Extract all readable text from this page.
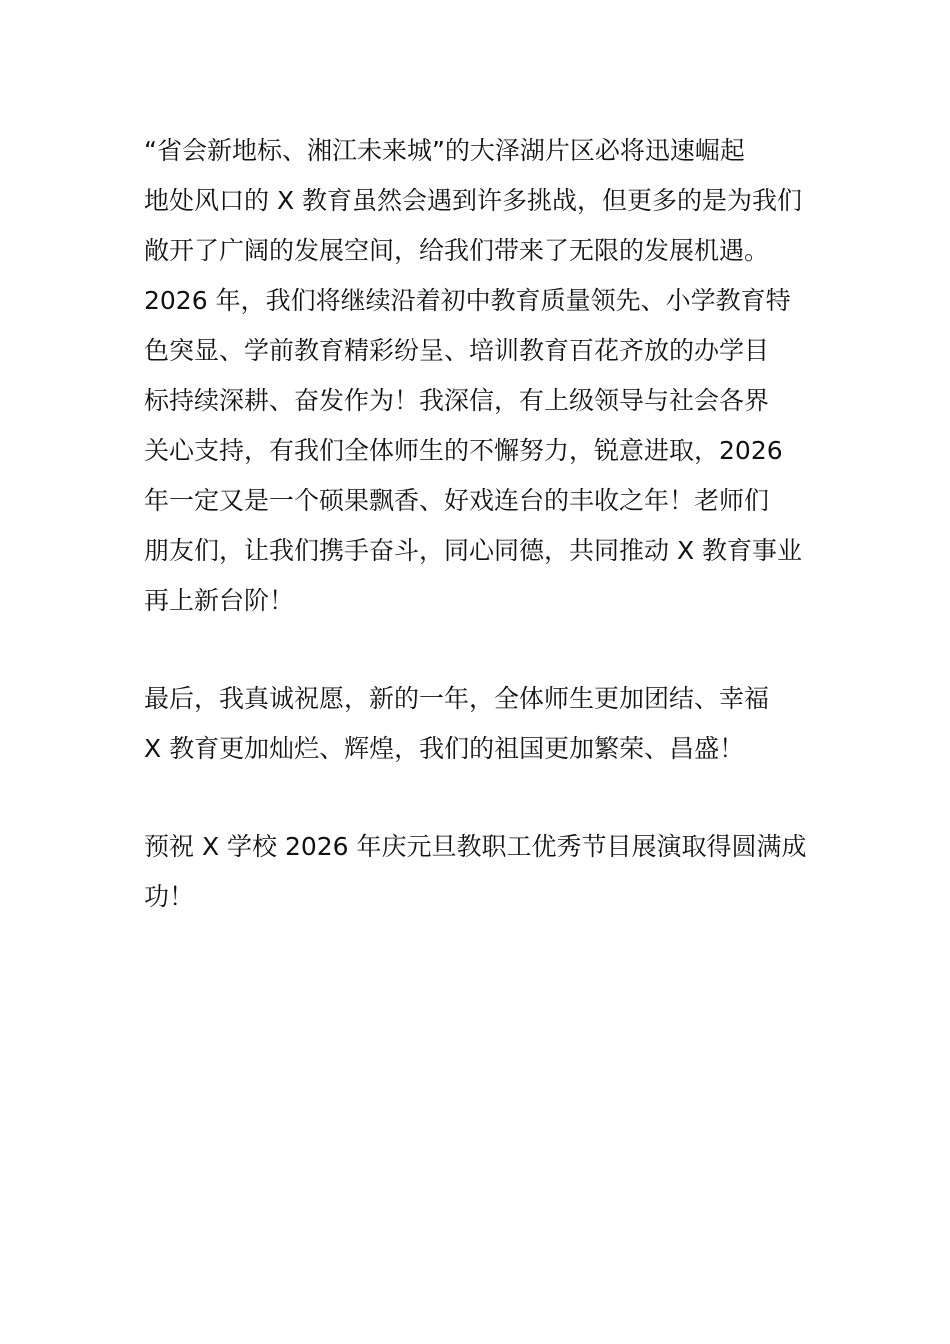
“省会新地标、湘江未来城”的大泽湖片区必将迅速崛起
地处风口的 X 教育虽然会遇到许多挑战，但更多的是为我们
敞开了广阔的发展空间，给我们带来了无限的发展机遇。
2026 年，我们将继续沿着初中教育质量领先、小学教育特
色突显、学前教育精彩纷呈、培训教育百花齐放的办学目
标持续深耕、奋发作为！我深信，有上级领导与社会各界
关心支持，有我们全体师生的不懈努力，锐意进取，2026
年一定又是一个硕果飘香、好戏连台的丰收之年！老师们
朋友们，让我们携手奋斗，同心同德，共同推动 X 教育事业
再上新台阶！
最后，我真诚祝愿，新的一年，全体师生更加团结、幸福
X 教育更加灿烂、辉煌，我们的祖国更加繁荣、昌盛！
预祝 X 学校 2026 年庆元旦教职工优秀节目展演取得圆满成
功！
